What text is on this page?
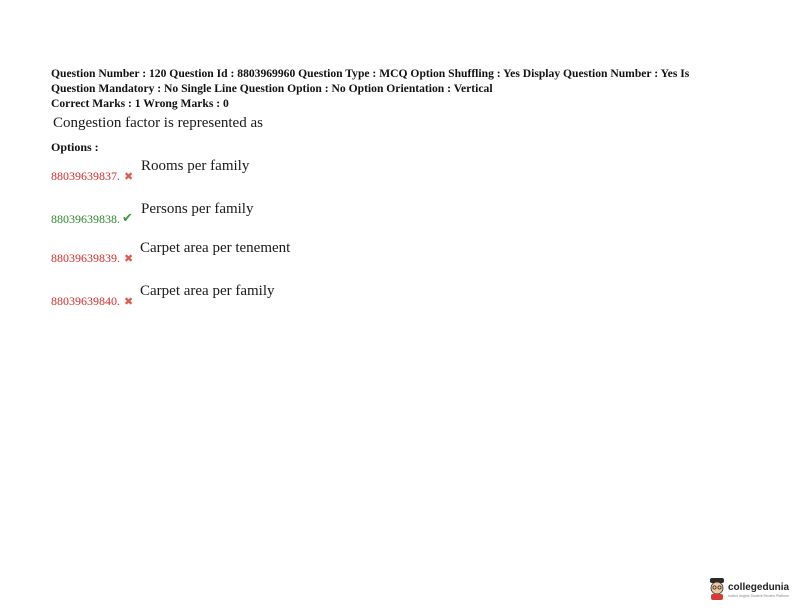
Question Number : 120 Question Id : 8803969960 Question Type : MCQ Option Shuffling : Yes Display Question Number : Yes Is
Question Mandatory : No Single Line Question Option : No Option Orientation : Vertical
Correct Marks : 1 Wrong Marks : 0
Congestion factor is represented as
Options :
88039639837. ✖
Rooms per family
88039639838. ✔
Persons per family
88039639839. ✖
Carpet area per tenement
88039639840. ✖
Carpet area per family
collegedunia
India's largest Student Review Platform
